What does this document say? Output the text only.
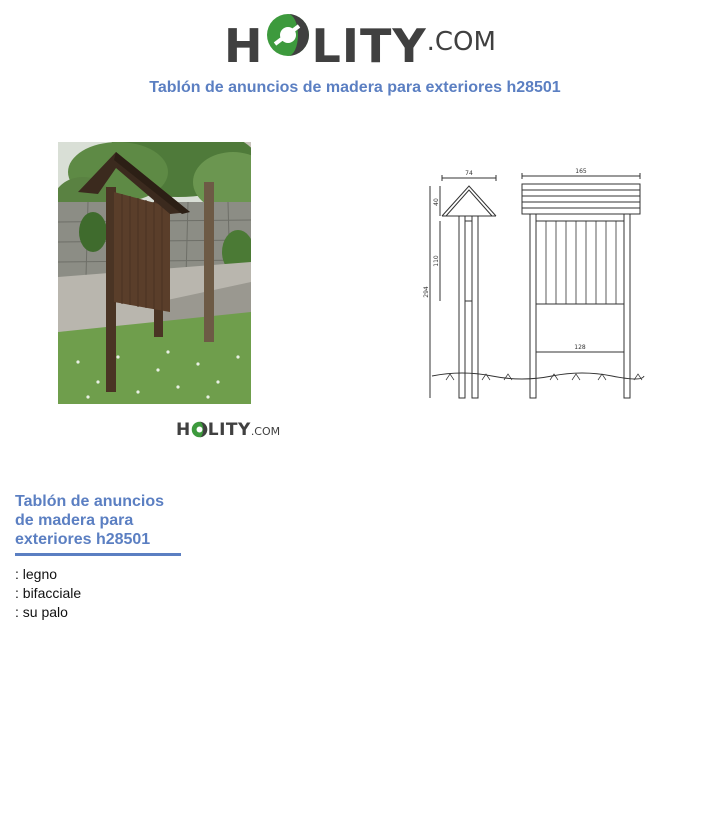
H LITY.COM
Tablón de anuncios de madera para exteriores h28501
H LITY.COM
74	165
128
40
110
294
Tablón de anuncios de madera para exteriores h28501
: legno
: bifacciale
: su palo
